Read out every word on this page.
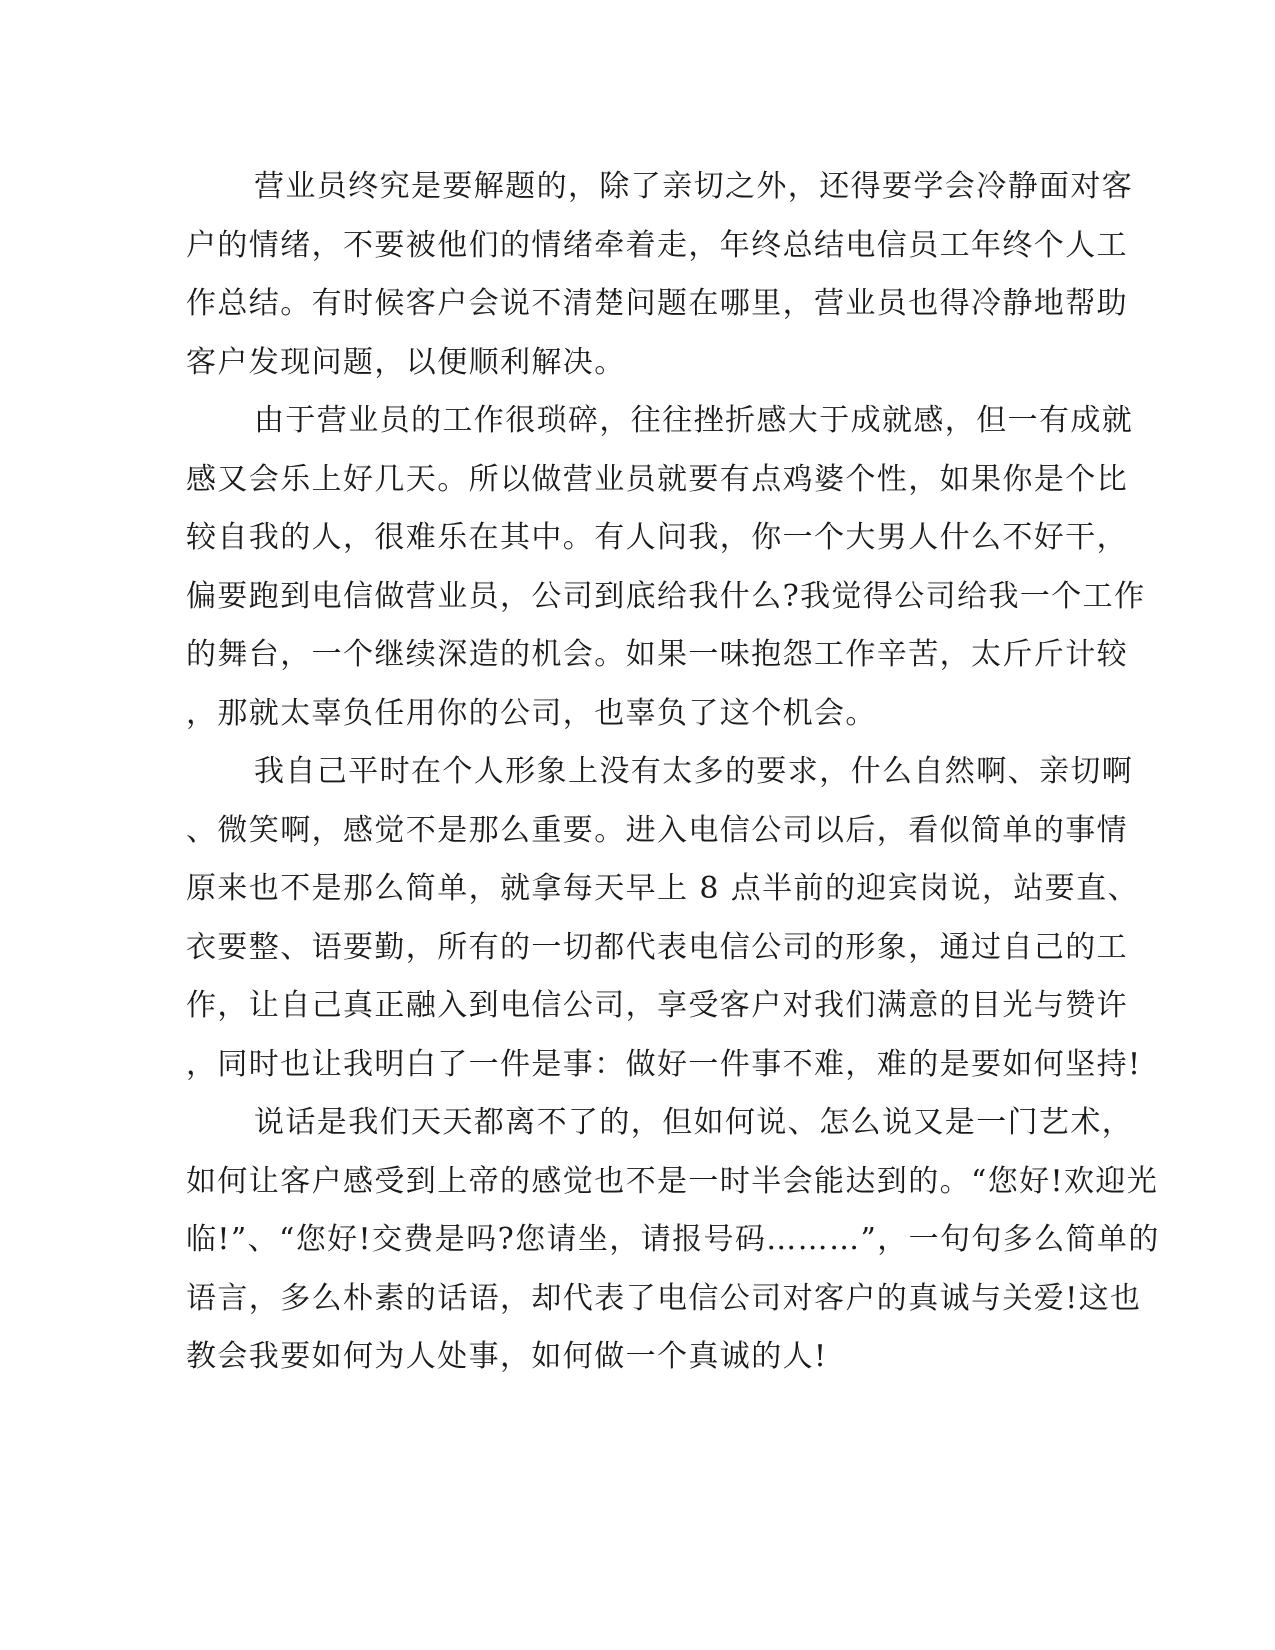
营业员终究是要解题的，除了亲切之外，还得要学会冷静面对客
户的情绪，不要被他们的情绪牵着走，年终总结电信员工年终个人工
作总结。有时候客户会说不清楚问题在哪里，营业员也得冷静地帮助
客户发现问题，以便顺利解决。
由于营业员的工作很琐碎，往往挫折感大于成就感，但一有成就
感又会乐上好几天。所以做营业员就要有点鸡婆个性，如果你是个比
较自我的人，很难乐在其中。有人问我，你一个大男人什么不好干，
偏要跑到电信做营业员，公司到底给我什么?我觉得公司给我一个工作
的舞台，一个继续深造的机会。如果一味抱怨工作辛苦，太斤斤计较
，那就太辜负任用你的公司，也辜负了这个机会。
我自己平时在个人形象上没有太多的要求，什么自然啊、亲切啊
、微笑啊，感觉不是那么重要。进入电信公司以后，看似简单的事情
原来也不是那么简单，就拿每天早上 8 点半前的迎宾岗说，站要直、
衣要整、语要勤，所有的一切都代表电信公司的形象，通过自己的工
作，让自己真正融入到电信公司，享受客户对我们满意的目光与赞许
，同时也让我明白了一件是事：做好一件事不难，难的是要如何坚持!
说话是我们天天都离不了的，但如何说、怎么说又是一门艺术，
如何让客户感受到上帝的感觉也不是一时半会能达到的。“您好!欢迎光
临!”、“您好!交费是吗?您请坐，请报号码………”，一句句多么简单的
语言，多么朴素的话语，却代表了电信公司对客户的真诚与关爱!这也
教会我要如何为人处事，如何做一个真诚的人!
